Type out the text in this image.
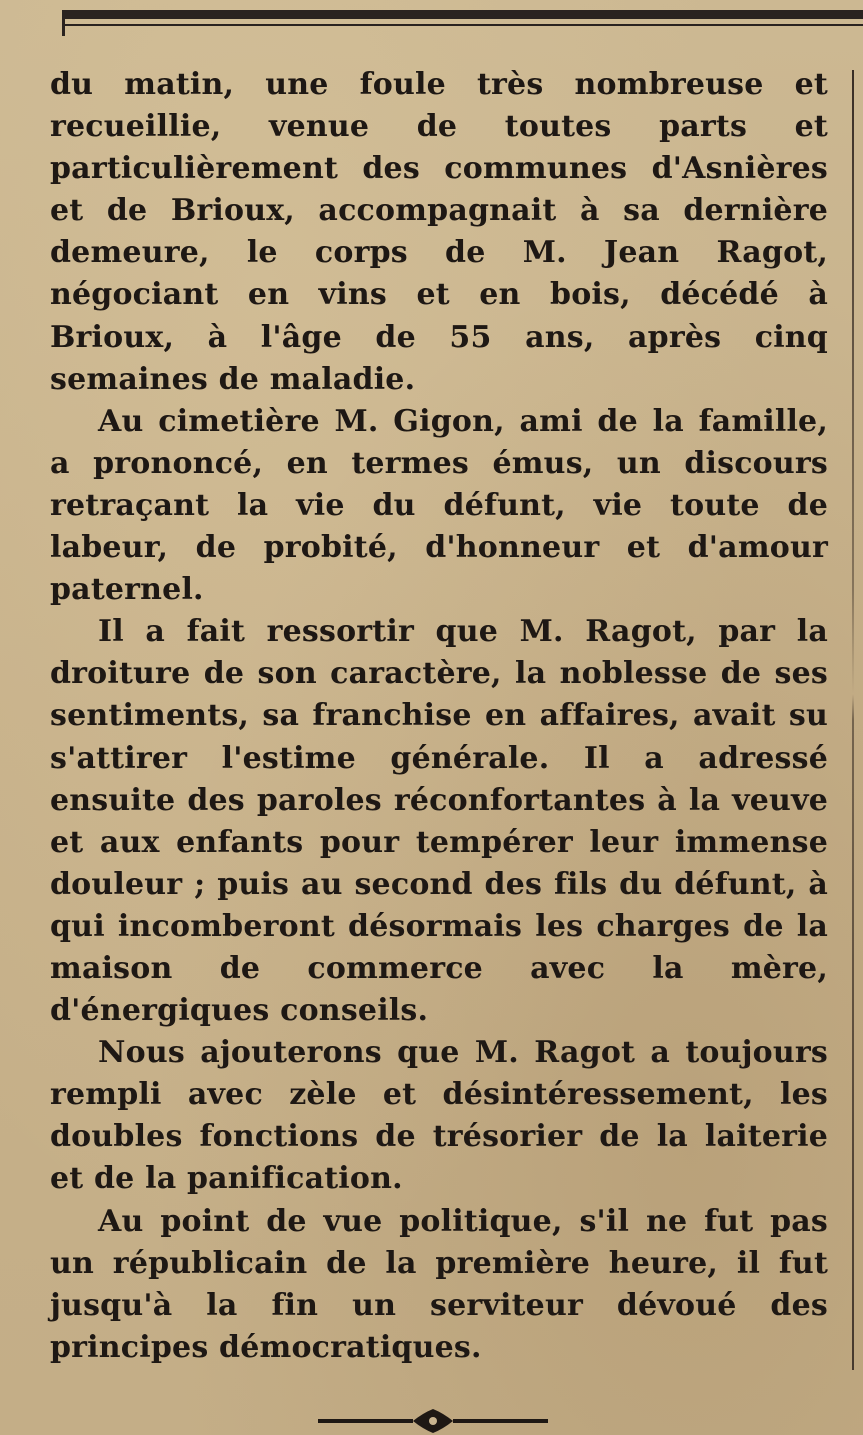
du matin, une foule très nombreuse et recueillie, venue de toutes parts et particulièrement des communes d'Asnières et de Brioux, accompagnait à sa dernière demeure, le corps de M. Jean Ragot, négociant en vins et en bois, décédé à Brioux, à l'âge de 55 ans, après cinq semaines de maladie.

Au cimetière M. Gigon, ami de la famille, a prononcé, en termes émus, un discours retraçant la vie du défunt, vie toute de labeur, de probité, d'honneur et d'amour paternel.

Il a fait ressortir que M. Ragot, par la droiture de son caractère, la noblesse de ses sentiments, sa franchise en affaires, avait su s'attirer l'estime générale. Il a adressé ensuite des paroles réconfortantes à la veuve et aux enfants pour tempérer leur immense douleur ; puis au second des fils du défunt, à qui incomberont désormais les charges de la maison de commerce avec la mère, d'énergiques conseils.

Nous ajouterons que M. Ragot a toujours rempli avec zèle et désintéressement, les doubles fonctions de trésorier de la laiterie et de la panification.

Au point de vue politique, s'il ne fut pas un républicain de la première heure, il fut jusqu'à la fin un serviteur dévoué des principes démocratiques.
